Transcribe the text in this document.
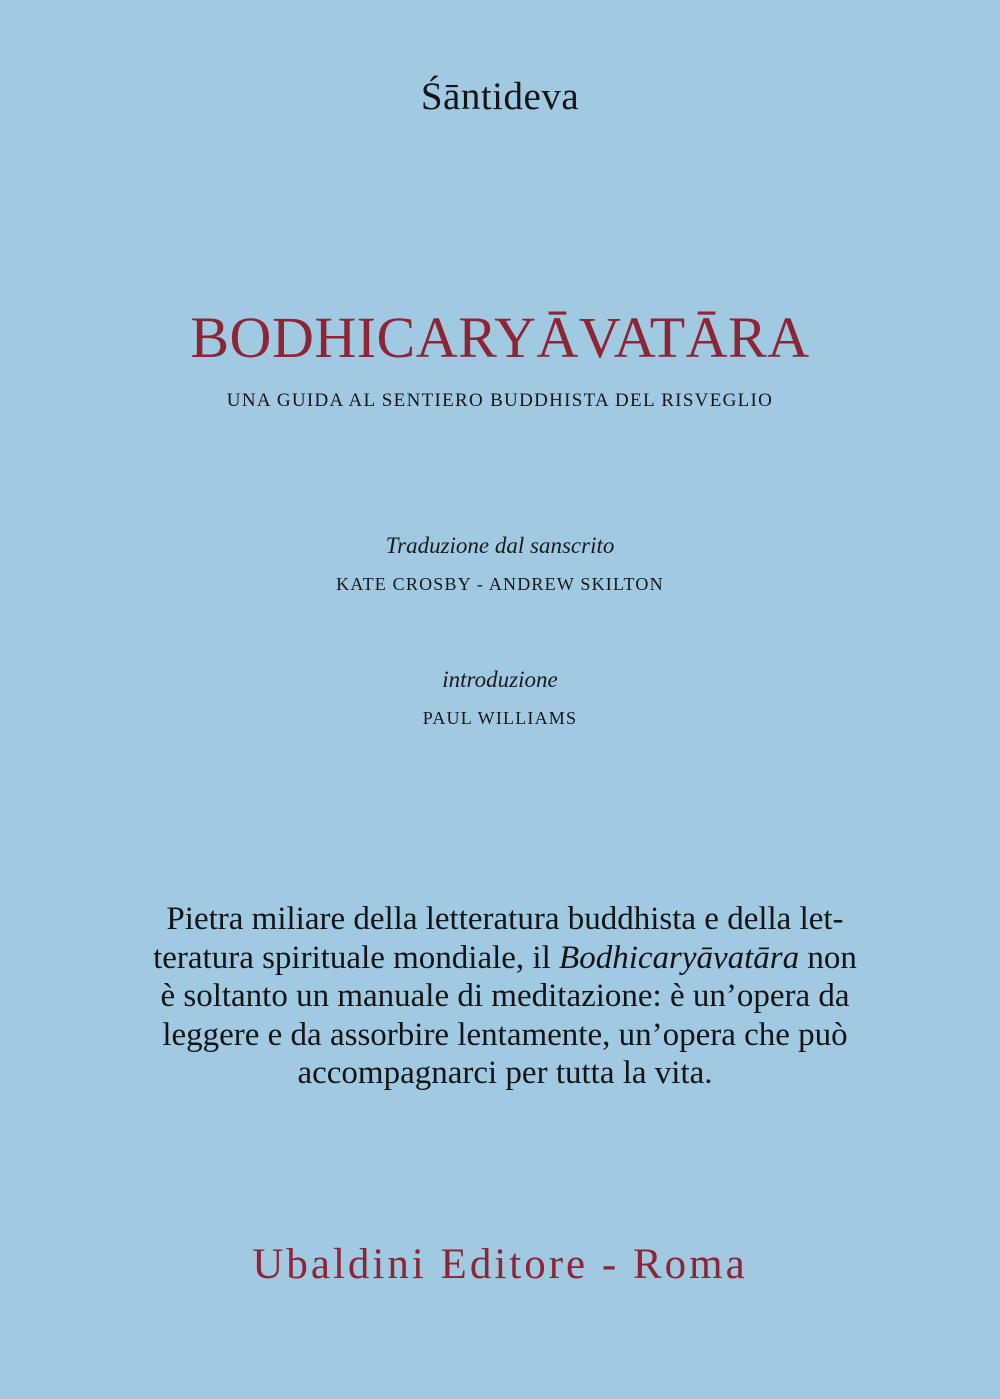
Śāntideva
BODHICARYĀVATĀRA
UNA GUIDA AL SENTIERO BUDDHISTA DEL RISVEGLIO
Traduzione dal sanscrito
KATE CROSBY - ANDREW SKILTON
introduzione
PAUL WILLIAMS
Pietra miliare della letteratura buddhista e della let-
teratura spirituale mondiale, il Bodhicaryāvatāra non
è soltanto un manuale di meditazione: è un’opera da
leggere e da assorbire lentamente, un’opera che può
accompagnarci per tutta la vita.
Ubaldini Editore - Roma
